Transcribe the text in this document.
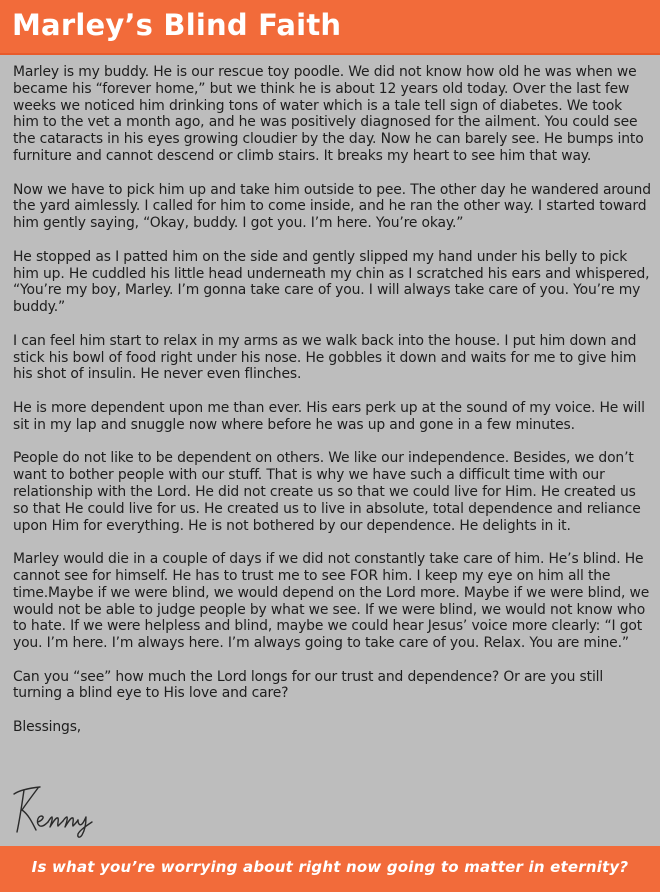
Marley’s Blind Faith

Marley is my buddy. He is our rescue toy poodle. We did not know how old he was when we became his “forever home,” but we think he is about 12 years old today. Over the last few weeks we noticed him drinking tons of water which is a tale tell sign of diabetes. We took him to the vet a month ago, and he was positively diagnosed for the ailment. You could see the cataracts in his eyes growing cloudier by the day. Now he can barely see. He bumps into furniture and cannot descend or climb stairs. It breaks my heart to see him that way.

Now we have to pick him up and take him outside to pee. The other day he wandered around the yard aimlessly. I called for him to come inside, and he ran the other way. I started toward him gently saying, “Okay, buddy. I got you. I’m here. You’re okay.”

He stopped as I patted him on the side and gently slipped my hand under his belly to pick him up. He cuddled his little head underneath my chin as I scratched his ears and whispered, “You’re my boy, Marley. I’m gonna take care of you. I will always take care of you. You’re my buddy.”

I can feel him start to relax in my arms as we walk back into the house. I put him down and stick his bowl of food right under his nose. He gobbles it down and waits for me to give him his shot of insulin. He never even flinches.

He is more dependent upon me than ever. His ears perk up at the sound of my voice. He will sit in my lap and snuggle now where before he was up and gone in a few minutes.

People do not like to be dependent on others. We like our independence. Besides, we don’t want to bother people with our stuff. That is why we have such a difficult time with our relationship with the Lord. He did not create us so that we could live for Him. He created us so that He could live for us. He created us to live in absolute, total dependence and reliance upon Him for everything. He is not bothered by our dependence. He delights in it.

Marley would die in a couple of days if we did not constantly take care of him. He’s blind. He cannot see for himself. He has to trust me to see FOR him. I keep my eye on him all the time.Maybe if we were blind, we would depend on the Lord more. Maybe if we were blind, we would not be able to judge people by what we see. If we were blind, we would not know who to hate. If we were helpless and blind, maybe we could hear Jesus’ voice more clearly: “I got you. I’m here. I’m always here. I’m always going to take care of you. Relax. You are mine.”

Can you “see” how much the Lord longs for our trust and dependence? Or are you still turning a blind eye to His love and care?

Blessings,

Is what you’re worrying about right now going to matter in eternity?
